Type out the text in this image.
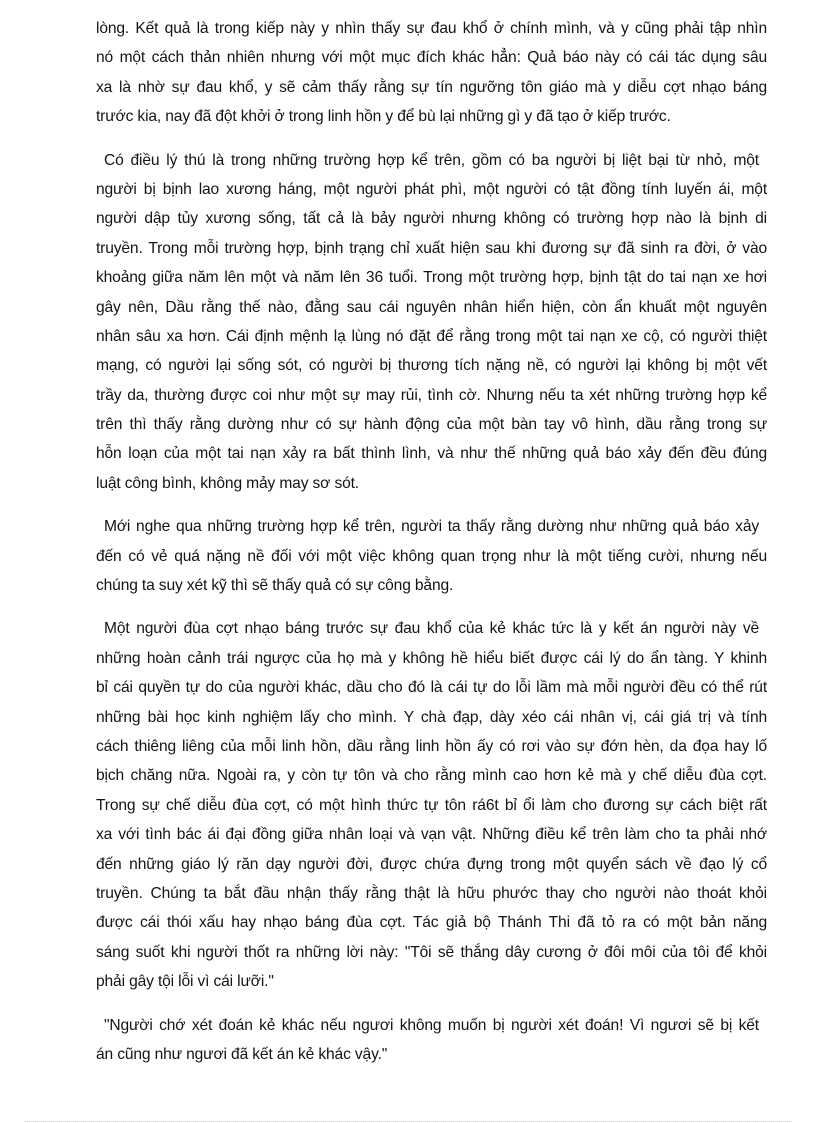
lòng. Kết quả là trong kiếp này y nhìn thấy sự đau khổ ở chính mình, và y cũng phải tập nhìn
nó một cách thản nhiên nhưng với một mục đích khác hẳn: Quả báo này có cái tác dụng sâu
xa là nhờ sự đau khổ, y sẽ cảm thấy rằng sự tín ngưỡng tôn giáo mà y diễu cợt nhạo báng
trước kia, nay đã đột khởi ở trong linh hồn y để bù lại những gì y đã tạo ở kiếp trước.
Có điều lý thú là trong những trường hợp kể trên, gồm có ba người bị liệt bại từ nhỏ, một
người bị bịnh lao xương háng, một người phát phì, một người có tật đồng tính luyến ái, một
người dập tủy xương sống, tất cả là bảy người nhưng không có trường hợp nào là bịnh di
truyền. Trong mỗi trường hợp, bịnh trạng chỉ xuất hiện sau khi đương sự đã sinh ra đời, ở vào
khoảng giữa năm lên một và năm lên 36 tuổi. Trong một trường hợp, bịnh tật do tai nạn xe hơi
gây nên, Dầu rằng thế nào, đằng sau cái nguyên nhân hiển hiện, còn ẩn khuất một nguyên
nhân sâu xa hơn. Cái định mệnh lạ lùng nó đặt để rằng trong một tai nạn xe cộ, có người thiệt
mạng, có người lại sống sót, có người bị thương tích nặng nề, có người lại không bị một vết
trầy da, thường được coi như một sự may rủi, tình cờ. Nhưng nếu ta xét những trường hợp kể
trên thì thấy rằng dường như có sự hành động của một bàn tay vô hình, dầu rằng trong sự
hỗn loạn của một tai nạn xảy ra bất thình lình, và như thế những quả báo xảy đến đều đúng
luật công bình, không mảy may sơ sót.
Mới nghe qua những trường hợp kể trên, người ta thấy rằng dường như những quả báo xảy
đến có vẻ quá nặng nề đối với một việc không quan trọng như là một tiếng cười, nhưng nếu
chúng ta suy xét kỹ thì sẽ thấy quả có sự công bằng.
Một người đùa cợt nhạo báng trước sự đau khổ của kẻ khác tức là y kết án người này về
những hoàn cảnh trái ngược của họ mà y không hề hiểu biết được cái lý do ẩn tàng. Y khinh
bỉ cái quyền tự do của người khác, dầu cho đó là cái tự do lỗi lầm mà mỗi người đều có thể rút
những bài học kinh nghiệm lấy cho mình. Y chà đạp, dày xéo cái nhân vị, cái giá trị và tính
cách thiêng liêng của mỗi linh hồn, dầu rằng linh hồn ấy có rơi vào sự đớn hèn, da đọa hay lố
bịch chăng nữa. Ngoài ra, y còn tự tôn và cho rằng mình cao hơn kẻ mà y chế diễu đùa cợt.
Trong sự chế diễu đùa cợt, có một hình thức tự tôn rá6t bỉ ổi làm cho đương sự cách biệt rất
xa với tình bác ái đại đồng giữa nhân loại và vạn vật. Những điều kể trên làm cho ta phải nhớ
đến những giáo lý răn dạy người đời, được chứa đựng trong một quyển sách về đạo lý cổ
truyền. Chúng ta bắt đầu nhận thấy rằng thật là hữu phước thay cho người nào thoát khỏi
được cái thói xấu hay nhạo báng đùa cợt. Tác giả bộ Thánh Thi đã tỏ ra có một bản năng
sáng suốt khi người thốt ra những lời này: "Tôi sẽ thắng dây cương ở đôi môi của tôi để khỏi
phải gây tội lỗi vì cái lưỡi."
"Người chớ xét đoán kẻ khác nếu ngươi không muốn bị người xét đoán! Vì ngươi sẽ bị kết
án cũng như ngươi đã kết án kẻ khác vậy."
